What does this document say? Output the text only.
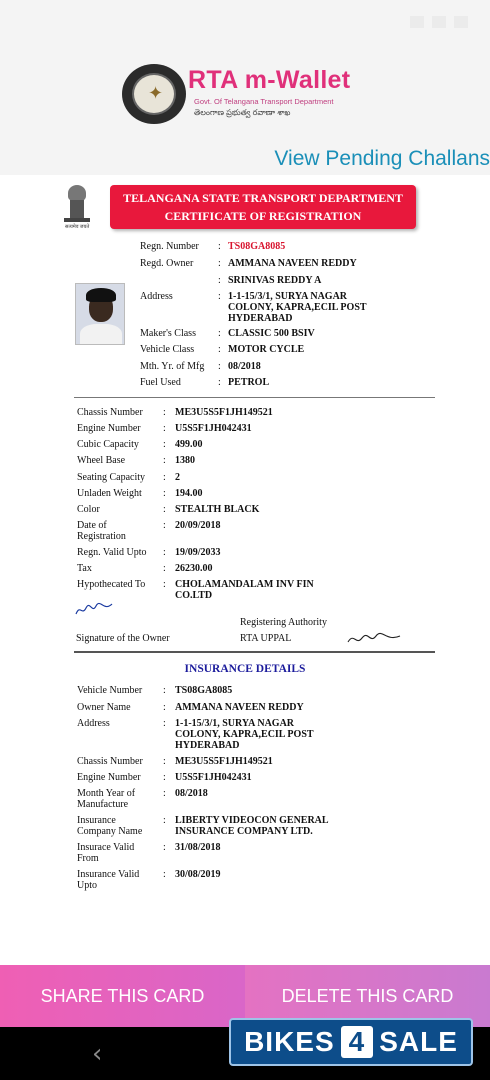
✦ RTA m-Wallet
Govt. Of Telangana Transport Department
తెలంగాణ ప్రభుత్వ రవాణా శాఖ
View Pending Challans
सत्यमेव जयते
TELANGANA STATE TRANSPORT DEPARTMENT
CERTIFICATE OF REGISTRATION
Regn. Number : TS08GA8085
Regd. Owner : AMMANA NAVEEN REDDY
: SRINIVAS REDDY A
Address	: 1-1-15/3/1, SURYA NAGAR COLONY, KAPRA,ECIL POST HYDERABAD
Maker's Class : CLASSIC 500 BSIV
Vehicle Class : MOTOR CYCLE
Mth. Yr. of Mfg : 08/2018
Fuel Used	: PETROL
Chassis Number : ME3U5S5F1JH149521
Engine Number : U5S5F1JH042431
Cubic Capacity : 499.00
Wheel Base	: 1380
Seating Capacity : 2
Unladen Weight : 194.00
Color	: STEALTH BLACK
Date of Registration
: 20/09/2018
Regn. Valid Upto : 19/09/2033
Tax	: 26230.00
Hypothecated To : CHOLAMANDALAM INV FIN CO.LTD
Registering Authority
Signature of the Owner	RTA UPPAL
INSURANCE DETAILS
Vehicle Number : TS08GA8085
Owner Name	: AMMANA NAVEEN REDDY
Address	: 1-1-15/3/1, SURYA NAGAR COLONY, KAPRA,ECIL POST HYDERABAD
Chassis Number : ME3U5S5F1JH149521
Engine Number : U5S5F1JH042431
Month Year of Manufacture
: 08/2018
Insurance Company Name
: LIBERTY VIDEOCON GENERAL INSURANCE COMPANY LTD.
Insurace Valid From
: 31/08/2018
Insurance Valid Upto
: 30/08/2019
SHARE THIS CARD	DELETE THIS CARD
‹	BIKES 4 SALE
